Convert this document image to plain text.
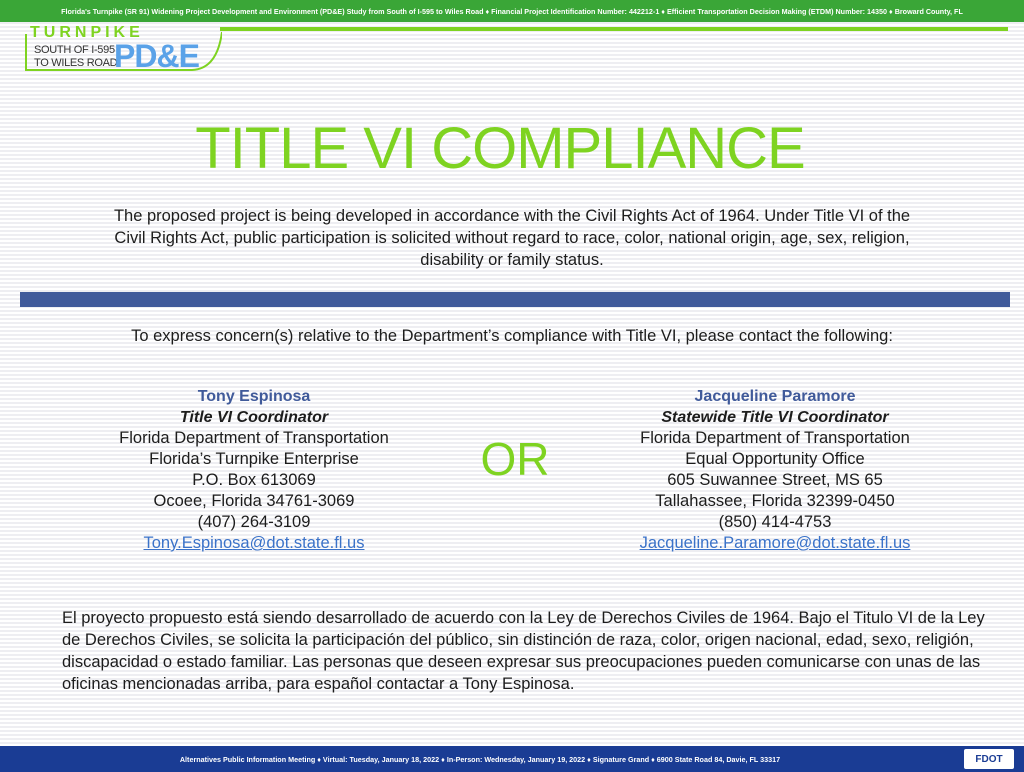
Florida's Turnpike (SR 91) Widening Project Development and Environment (PD&E) Study from South of I-595 to Wiles Road ♦ Financial Project Identification Number: 442212-1 ♦ Efficient Transportation Decision Making (ETDM) Number: 14350 ♦ Broward County, FL
TURNPIKE
SOUTH OF I-595
TO WILES ROAD
PD&E
TITLE VI COMPLIANCE
The proposed project is being developed in accordance with the Civil Rights Act of 1964. Under Title VI of the Civil Rights Act, public participation is solicited without regard to race, color, national origin, age, sex, religion, disability or family status.
To express concern(s) relative to the Department’s compliance with Title VI, please contact the following:
Tony Espinosa
Title VI Coordinator
Florida Department of Transportation
Florida’s Turnpike Enterprise
P.O. Box 613069
Ocoee, Florida 34761-3069
(407) 264-3109
Tony.Espinosa@dot.state.fl.us
OR
Jacqueline Paramore
Statewide Title VI Coordinator
Florida Department of Transportation
Equal Opportunity Office
605 Suwannee Street, MS 65
Tallahassee, Florida 32399-0450
(850) 414-4753
Jacqueline.Paramore@dot.state.fl.us
El proyecto propuesto está siendo desarrollado de acuerdo con la Ley de Derechos Civiles de 1964. Bajo el Titulo VI de la Ley de Derechos Civiles, se solicita la participación del público, sin distinción de raza, color, origen nacional, edad, sexo, religión, discapacidad o estado familiar. Las personas que deseen expresar sus preocupaciones pueden comunicarse con unas de las oficinas mencionadas arriba, para español contactar a Tony Espinosa.
Alternatives Public Information Meeting ♦ Virtual: Tuesday, January 18, 2022 ♦ In-Person: Wednesday, January 19, 2022 ♦ Signature Grand ♦ 6900 State Road 84, Davie, FL 33317	FDOT
